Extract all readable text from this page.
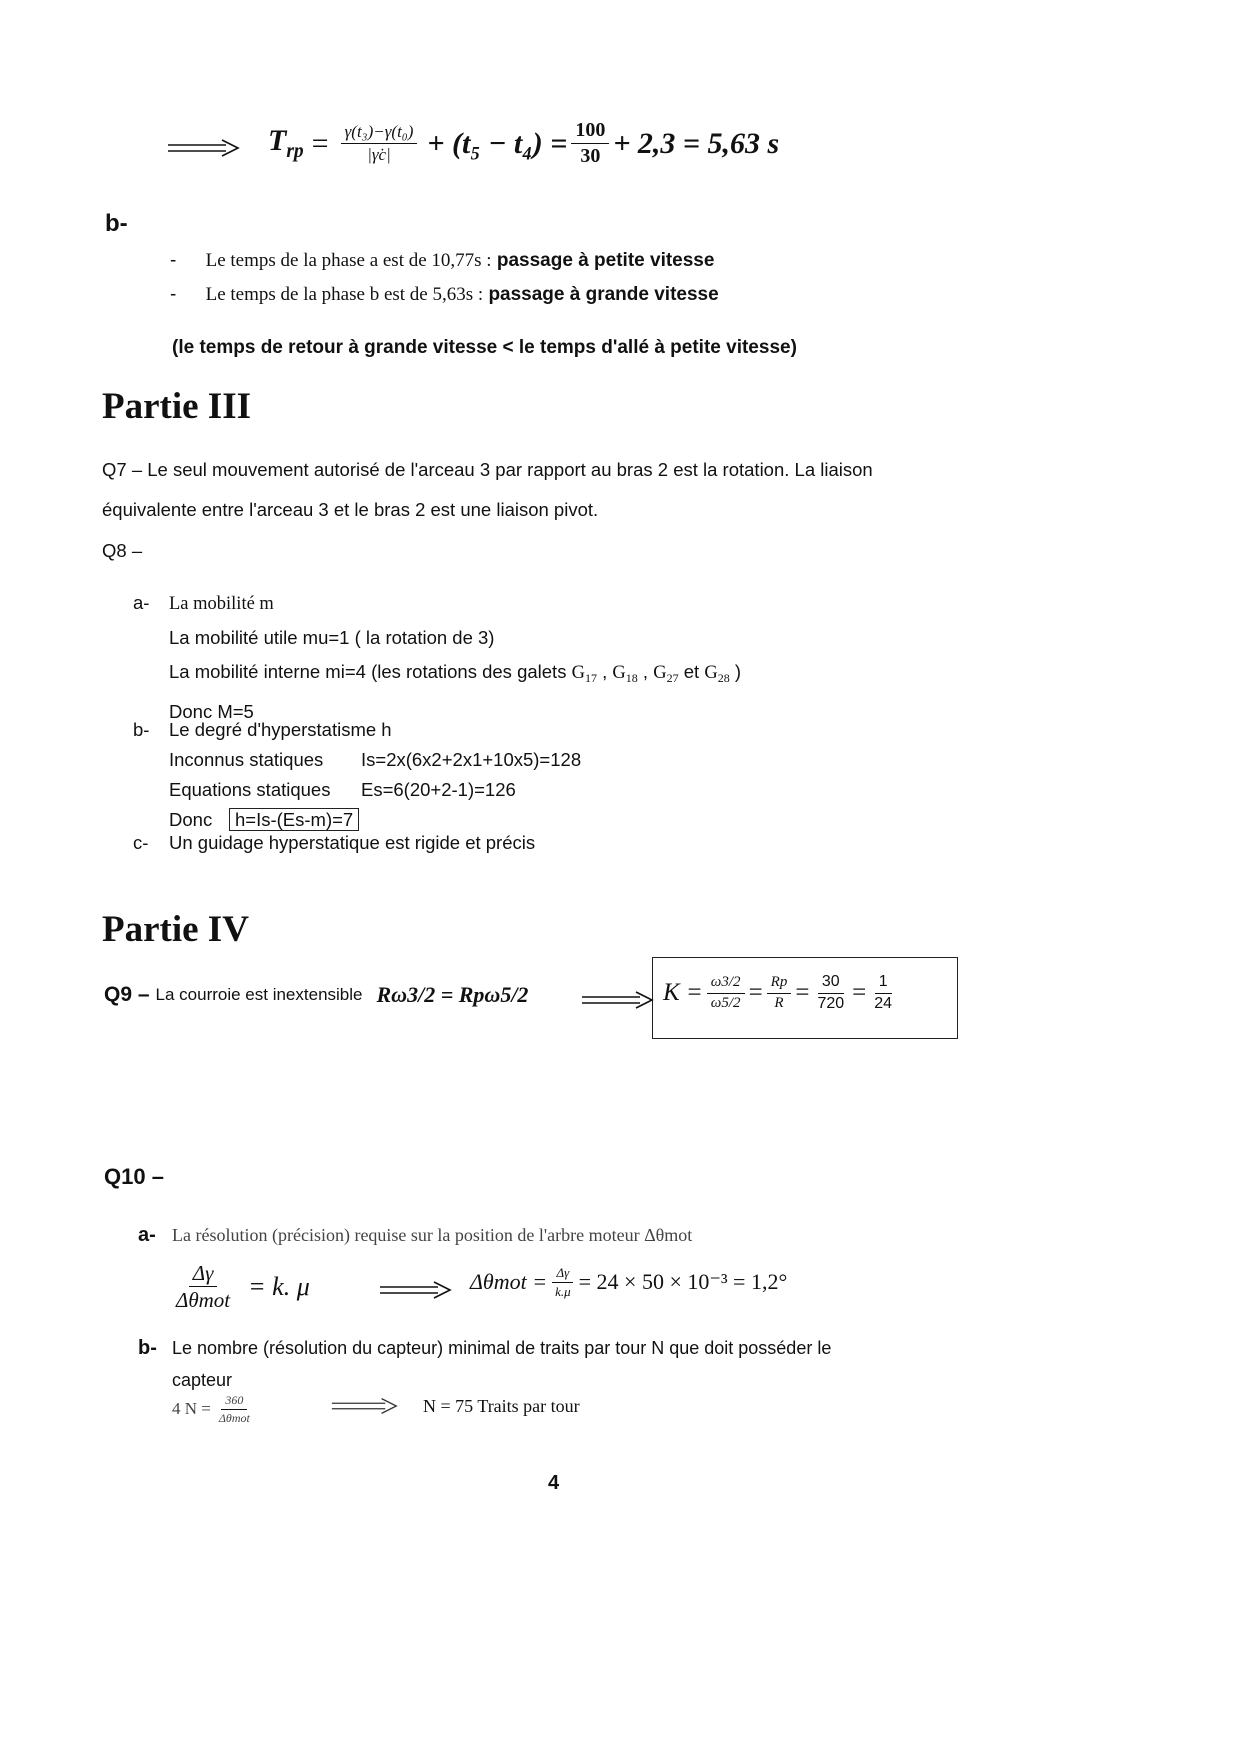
$T_{rp} = \frac{\text{γ(t₃)−γ(t₀)}}{|\gammȧc|} + (t_5 - t_4) = \frac{100}{30} + 2,3 = 5,63$ s
b-
- Le temps de la phase a est de 10,77s : passage à petite vitesse
- Le temps de la phase b est de 5,63s : passage à grande vitesse
(le temps de retour à grande vitesse < le temps d'allé à petite vitesse)
Partie III
Q7 – Le seul mouvement autorisé de l'arceau 3 par rapport au bras 2 est la rotation. La liaison
équivalente entre l'arceau 3 et le bras 2 est une liaison pivot.
Q8 –
a- La mobilité m
La mobilité utile mu=1 ( la rotation de 3)
La mobilité interne mi=4 (les rotations des galets $G_{17}$ , $G_{18}$ , $G_{27}$ et $G_{28}$ )
Donc M=5
b- Le degré d'hyperstatisme h
Inconnus statiques Is=2x(6x2+2x1+10x5)=128
Equations statiques Es=6(20+2-1)=126
Donc h=Is-(Es-m)=7
c- Un guidage hyperstatique est rigide et précis
Partie IV
Q9 – La courroie est inextensible Rω3/2 = Rpω5/2	$K = \frac{\omega 3/2}{\omega 5/2} = \frac{Rp}{R} = \frac{30}{720} = \frac{1}{24}$
Q10 –
a- La résolution (précision) requise sur la position de l'arbre moteur Δθmot
$\frac{\Delta\gamma}{\text{Δθmot}} = k$. μ	$\Delta\theta mot = \frac{\Delta\gamma}{k.\mu} = 24 \times 50 \times 10^{-3} = 1,2^\circ$
b- Le nombre (résolution du capteur) minimal de traits par tour N que doit posséder le
capteur
4 $N = \frac{360}{\text{Δθmot}}$	N = 75 Traits par tour
4
